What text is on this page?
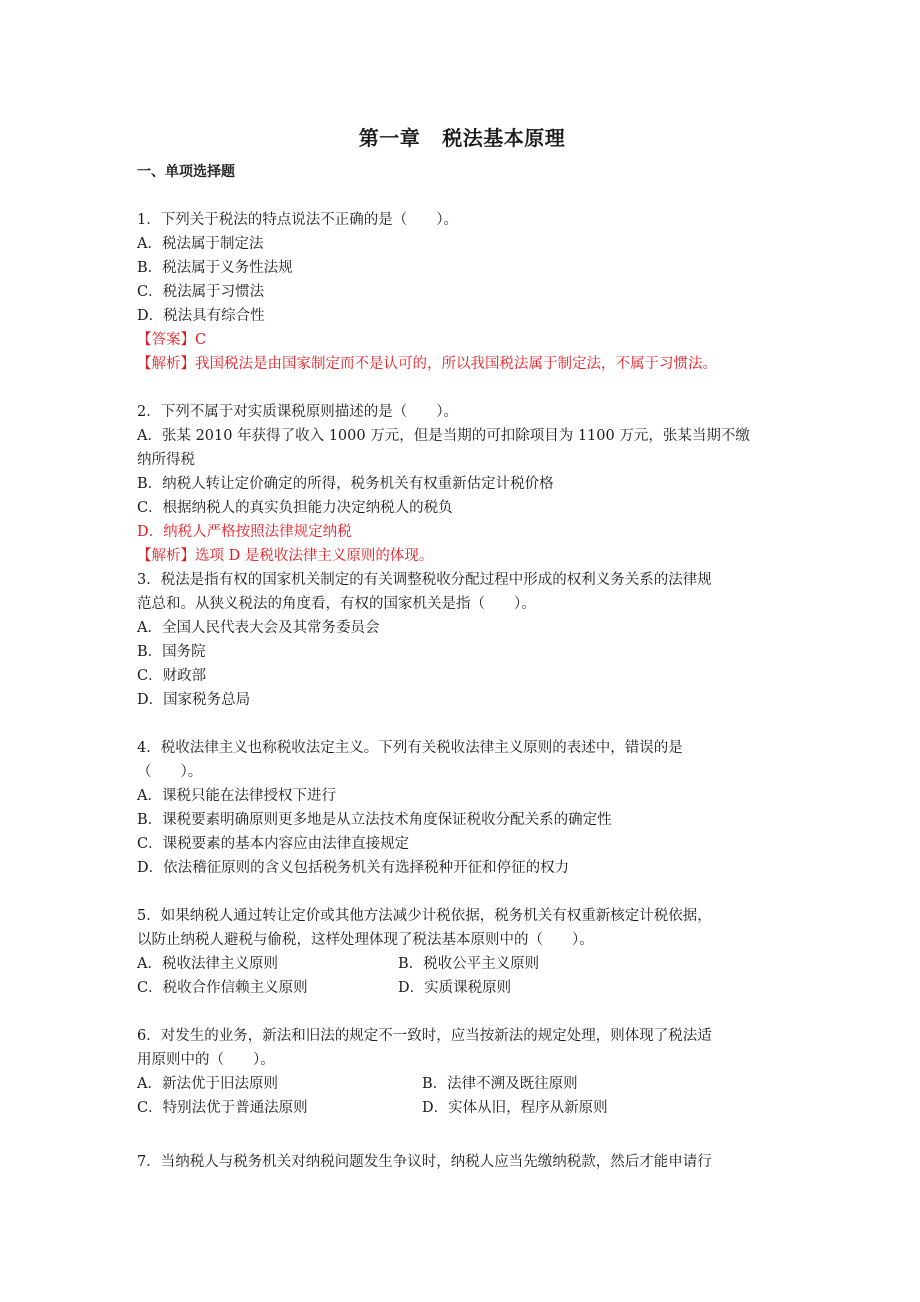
第一章 税法基本原理
一、单项选择题
1．下列关于税法的特点说法不正确的是（　　）。
A．税法属于制定法
B．税法属于义务性法规
C．税法属于习惯法
D．税法具有综合性
【答案】C
【解析】我国税法是由国家制定而不是认可的，所以我国税法属于制定法，不属于习惯法。
2．下列不属于对实质课税原则描述的是（　　）。
A．张某 2010 年获得了收入 1000 万元，但是当期的可扣除项目为 1100 万元，张某当期不缴
纳所得税
B．纳税人转让定价确定的所得，税务机关有权重新估定计税价格
C．根据纳税人的真实负担能力决定纳税人的税负
D．纳税人严格按照法律规定纳税
【解析】选项 D 是税收法律主义原则的体现。
3．税法是指有权的国家机关制定的有关调整税收分配过程中形成的权利义务关系的法律规
范总和。从狭义税法的角度看，有权的国家机关是指（　　）。
A．全国人民代表大会及其常务委员会
B．国务院
C．财政部
D．国家税务总局
4．税收法律主义也称税收法定主义。下列有关税收法律主义原则的表述中，错误的是
（　　）。
A．课税只能在法律授权下进行
B．课税要素明确原则更多地是从立法技术角度保证税收分配关系的确定性
C．课税要素的基本内容应由法律直接规定
D．依法稽征原则的含义包括税务机关有选择税种开征和停征的权力
5．如果纳税人通过转让定价或其他方法减少计税依据，税务机关有权重新核定计税依据，
以防止纳税人避税与偷税，这样处理体现了税法基本原则中的（　　）。
A．税收法律主义原则	B．税收公平主义原则
C．税收合作信赖主义原则	D．实质课税原则
6．对发生的业务，新法和旧法的规定不一致时，应当按新法的规定处理，则体现了税法适
用原则中的（　　）。
A．新法优于旧法原则	B．法律不溯及既往原则
C．特别法优于普通法原则	D．实体从旧，程序从新原则
7．当纳税人与税务机关对纳税问题发生争议时，纳税人应当先缴纳税款，然后才能申请行
